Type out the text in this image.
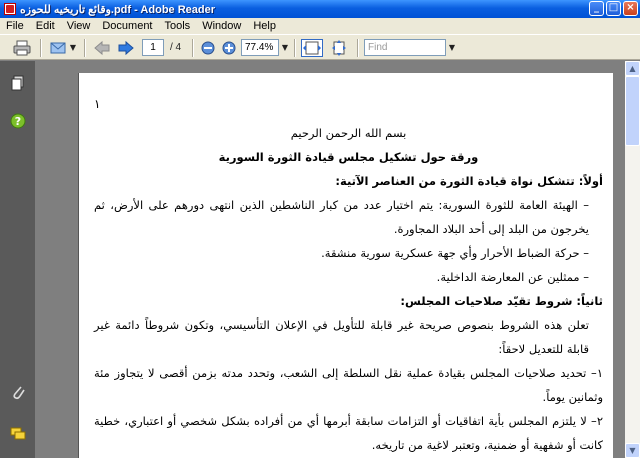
وقائع تاريخيه للحوزه.pdf - Adobe Reader	_ □ ×
File	Edit	View	Document	Tools	Window	Help
▼	1	/ 4	77.4%	▼	Find	▼
?
١
بسم الله الرحمن الرحيم
ورقة حول تشكيل مجلس قيادة الثورة السورية
أولاً: تتشكل نواة قيادة الثورة من العناصر الآتية:
– الهيئة العامة للثورة السورية: يتم اختيار عدد من كبار الناشطين الذين انتهى دورهم على الأرض، ثم يخرجون من البلد إلى أحد البلاد المجاورة.
– حركة الضباط الأحرار وأي جهة عسكرية سورية منشقة.
– ممثلين عن المعارضة الداخلية.
ثانياً: شروط تقيّد صلاحيات المجلس:
تعلن هذه الشروط بنصوص صريحة غير قابلة للتأويل في الإعلان التأسيسي، وتكون شروطاً دائمة غير قابلة للتعديل لاحقاً:
١– تحديد صلاحيات المجلس بقيادة عملية نقل السلطة إلى الشعب، وتحدد مدته بزمن أقصى لا يتجاوز مئة وثمانين يوماً.
٢– لا يلتزم المجلس بأية اتفاقيات أو التزامات سابقة أبرمها أي من أفراده بشكل شخصي أو اعتباري، خطية كانت أو شفهية أو ضمنية، وتعتبر لاغية من تاريخه.
▲
▼
